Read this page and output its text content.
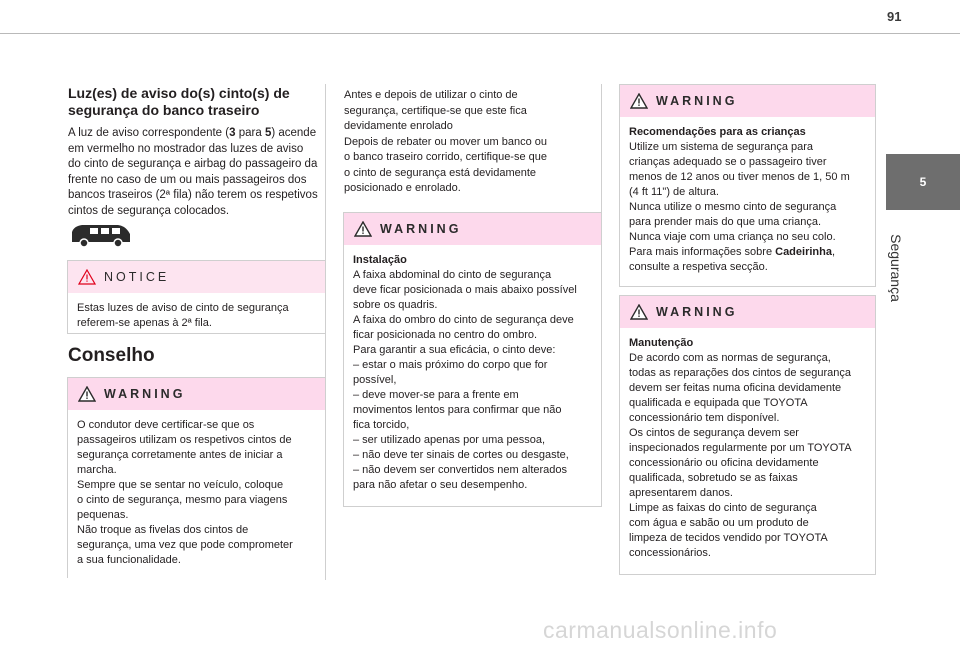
91
5
Segurança
Luz(es) de aviso do(s) cinto(s) de
segurança do banco traseiro
A luz de aviso correspondente (3 para 5) acende
em vermelho no mostrador das luzes de aviso
do cinto de segurança e airbag do passageiro da
frente no caso de um ou mais passageiros dos
bancos traseiros (2ª fila) não terem os respetivos
cintos de segurança colocados.
NOTICE
Estas luzes de aviso de cinto de segurança
referem-se apenas à 2ª fila.
Conselho
WARNING
O condutor deve certificar-se que os
passageiros utilizam os respetivos cintos de
segurança corretamente antes de iniciar a
marcha.
Sempre que se sentar no veículo, coloque
o cinto de segurança, mesmo para viagens
pequenas.
Não troque as fivelas dos cintos de
segurança, uma vez que pode comprometer
a sua funcionalidade.
Antes e depois de utilizar o cinto de
segurança, certifique-se que este fica
devidamente enrolado
Depois de rebater ou mover um banco ou
o banco traseiro corrido, certifique-se que
o cinto de segurança está devidamente
posicionado e enrolado.
WARNING
Instalação
A faixa abdominal do cinto de segurança
deve ficar posicionada o mais abaixo possível
sobre os quadris.
A faixa do ombro do cinto de segurança deve
ficar posicionada no centro do ombro.
Para garantir a sua eficácia, o cinto deve:
– estar o mais próximo do corpo que for
possível,
– deve mover-se para a frente em
movimentos lentos para confirmar que não
fica torcido,
– ser utilizado apenas por uma pessoa,
– não deve ter sinais de cortes ou desgaste,
– não devem ser convertidos nem alterados
para não afetar o seu desempenho.
WARNING
Recomendações para as crianças
Utilize um sistema de segurança para
crianças adequado se o passageiro tiver
menos de 12 anos ou tiver menos de 1, 50 m
(4 ft 11") de altura.
Nunca utilize o mesmo cinto de segurança
para prender mais do que uma criança.
Nunca viaje com uma criança no seu colo.
Para mais informações sobre Cadeirinha,
consulte a respetiva secção.
WARNING
Manutenção
De acordo com as normas de segurança,
todas as reparações dos cintos de segurança
devem ser feitas numa oficina devidamente
qualificada e equipada que TOYOTA
concessionário tem disponível.
Os cintos de segurança devem ser
inspecionados regularmente por um TOYOTA
concessionário ou oficina devidamente
qualificada, sobretudo se as faixas
apresentarem danos.
Limpe as faixas do cinto de segurança
com água e sabão ou um produto de
limpeza de tecidos vendido por TOYOTA
concessionários.
carmanualsonline.info
